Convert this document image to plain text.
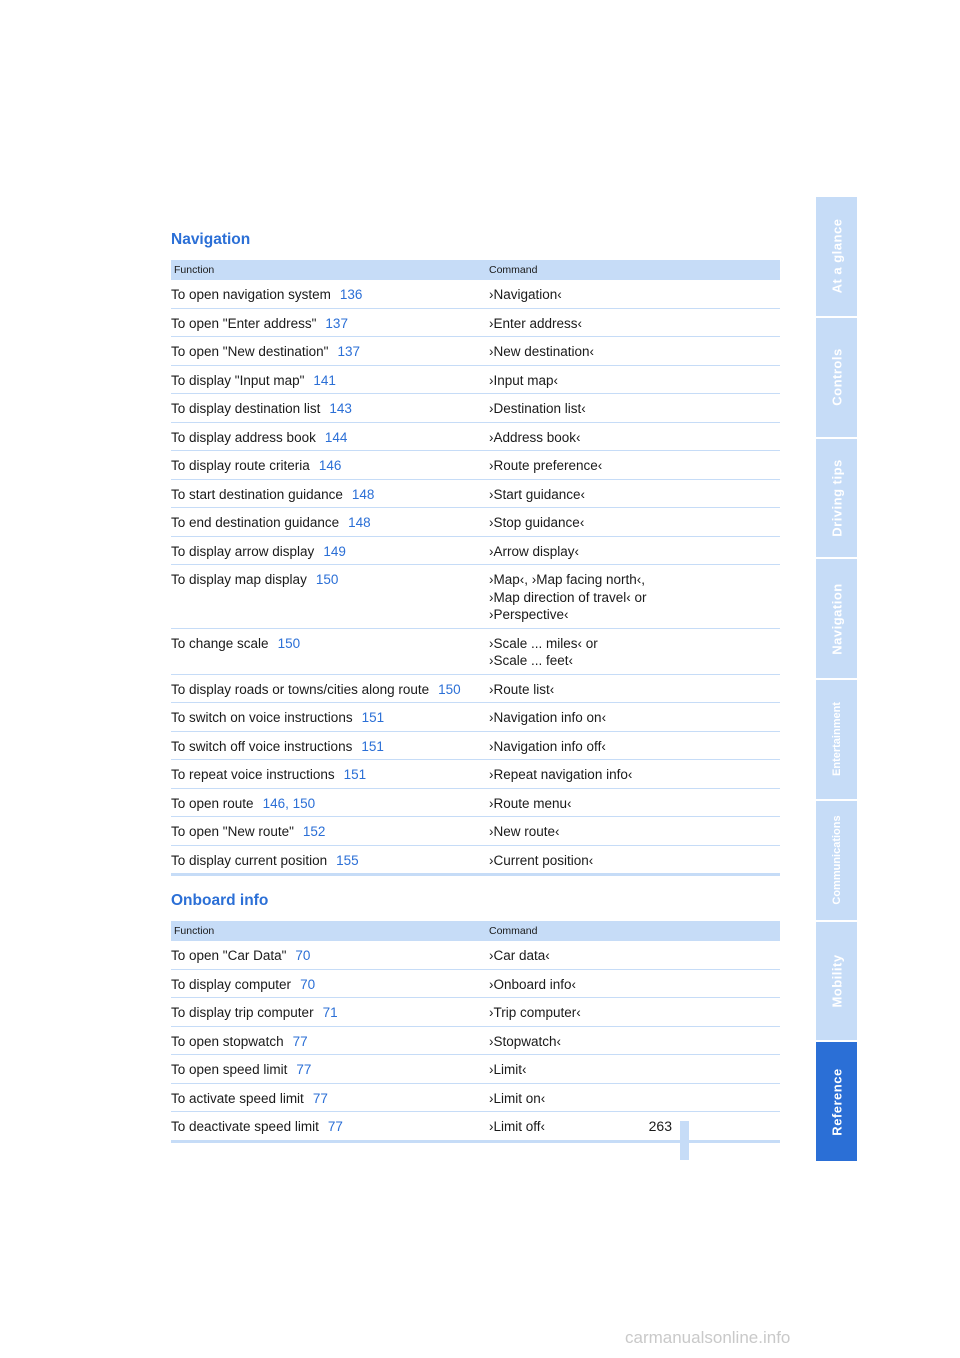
At a glance
Controls
Driving tips
Navigation
Entertainment
Communications
Mobility
Reference
Navigation
Function	Command
To open navigation system 136	›Navigation‹

To open "Enter address" 137	›Enter address‹

To open "New destination" 137	›New destination‹

To display "Input map" 141	›Input map‹

To display destination list 143	›Destination list‹

To display address book 144	›Address book‹

To display route criteria 146	›Route preference‹

To start destination guidance 148	›Start guidance‹

To end destination guidance 148	›Stop guidance‹

To display arrow display 149	›Arrow display‹

To display map display 150	›Map‹, ›Map facing north‹,
›Map direction of travel‹ or
›Perspective‹

To change scale 150	›Scale ... miles‹ or
›Scale ... feet‹

To display roads or towns/cities along route 150	›Route list‹

To switch on voice instructions 151	›Navigation info on‹

To switch off voice instructions 151	›Navigation info off‹

To repeat voice instructions 151	›Repeat navigation info‹

To open route 146, 150	›Route menu‹

To open "New route" 152	›New route‹

To display current position 155	›Current position‹
Onboard info
Function	Command
To open "Car Data" 70	›Car data‹

To display computer 70	›Onboard info‹

To display trip computer 71	›Trip computer‹

To open stopwatch 77	›Stopwatch‹

To open speed limit 77	›Limit‹

To activate speed limit 77	›Limit on‹

To deactivate speed limit 77	›Limit off‹	263
carmanualsonline.info
